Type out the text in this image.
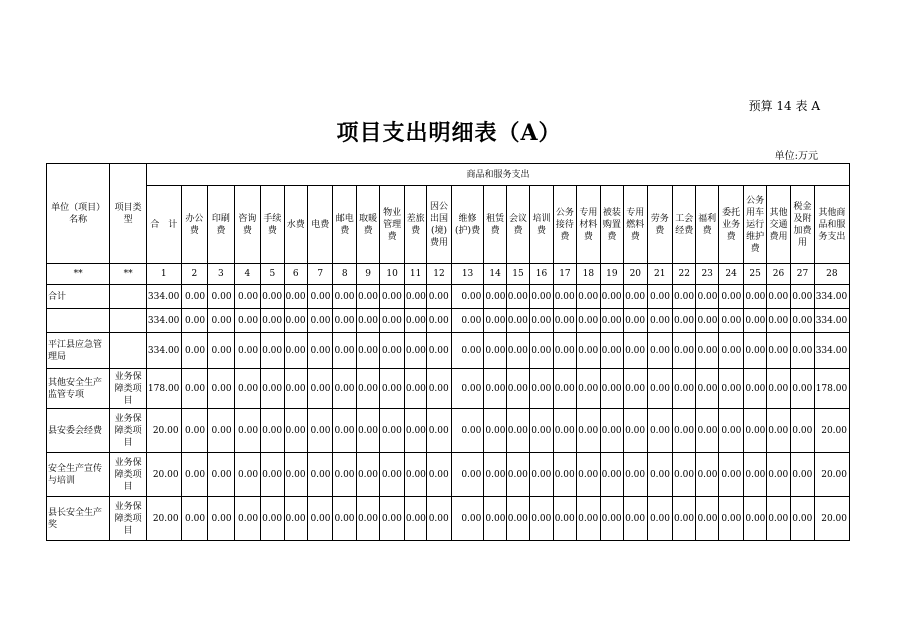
预算 14 表 A
项目支出明细表（A）
单位:万元
单位（项目）名称	项目类型	商品和服务支出																											
		合　计	办公费	印刷费	咨询费	手续费	水费	电费	邮电费	取暖费	物业管理费	差旅费	因公出国(境)费用	维修(护)费	租赁费	会议费	培训费	公务接待费	专用材料费	被装购置费	专用燃料费	劳务费	工会经费	福利费	委托业务费	公务用车运行维护费	其他交通费用	税金及附加费用	其他商品和服务支出
**	**	1	2	3	4	5	6	7	8	9	10	11	12	13	14	15	16	17	18	19	20	21	22	23	24	25	26	27	28
合计		334.00	0.00	0.00	0.00	0.00	0.00	0.00	0.00	0.00	0.00	0.00	0.00	0.00	0.00	0.00	0.00	0.00	0.00	0.00	0.00	0.00	0.00	0.00	0.00	0.00	0.00	0.00	334.00
		334.00	0.00	0.00	0.00	0.00	0.00	0.00	0.00	0.00	0.00	0.00	0.00	0.00	0.00	0.00	0.00	0.00	0.00	0.00	0.00	0.00	0.00	0.00	0.00	0.00	0.00	0.00	334.00
平江县应急管理局		334.00	0.00	0.00	0.00	0.00	0.00	0.00	0.00	0.00	0.00	0.00	0.00	0.00	0.00	0.00	0.00	0.00	0.00	0.00	0.00	0.00	0.00	0.00	0.00	0.00	0.00	0.00	334.00
其他安全生产监管专项	业务保障类项目	178.00	0.00	0.00	0.00	0.00	0.00	0.00	0.00	0.00	0.00	0.00	0.00	0.00	0.00	0.00	0.00	0.00	0.00	0.00	0.00	0.00	0.00	0.00	0.00	0.00	0.00	0.00	178.00
县安委会经费	业务保障类项目	20.00	0.00	0.00	0.00	0.00	0.00	0.00	0.00	0.00	0.00	0.00	0.00	0.00	0.00	0.00	0.00	0.00	0.00	0.00	0.00	0.00	0.00	0.00	0.00	0.00	0.00	0.00	20.00
安全生产宣传与培训	业务保障类项目	20.00	0.00	0.00	0.00	0.00	0.00	0.00	0.00	0.00	0.00	0.00	0.00	0.00	0.00	0.00	0.00	0.00	0.00	0.00	0.00	0.00	0.00	0.00	0.00	0.00	0.00	0.00	20.00
县长安全生产奖	业务保障类项目	20.00	0.00	0.00	0.00	0.00	0.00	0.00	0.00	0.00	0.00	0.00	0.00	0.00	0.00	0.00	0.00	0.00	0.00	0.00	0.00	0.00	0.00	0.00	0.00	0.00	0.00	0.00	20.00
